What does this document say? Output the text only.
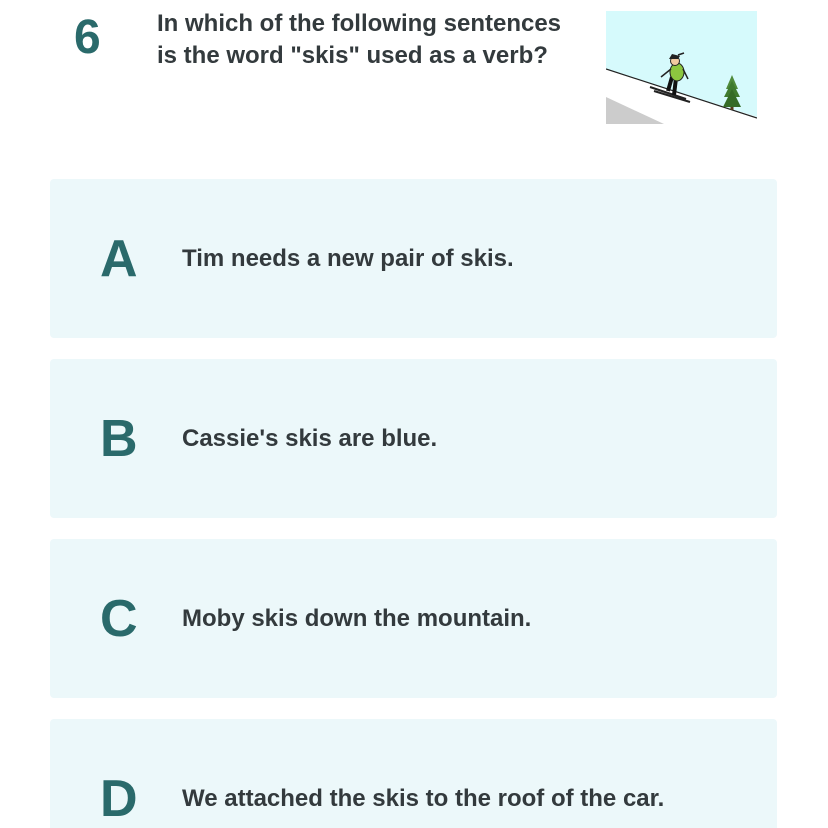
6 In which of the following sentences
is the word "skis" used as a verb?
A Tim needs a new pair of skis.
B Cassie's skis are blue.
C Moby skis down the mountain.
D We attached the skis to the roof of the car.
